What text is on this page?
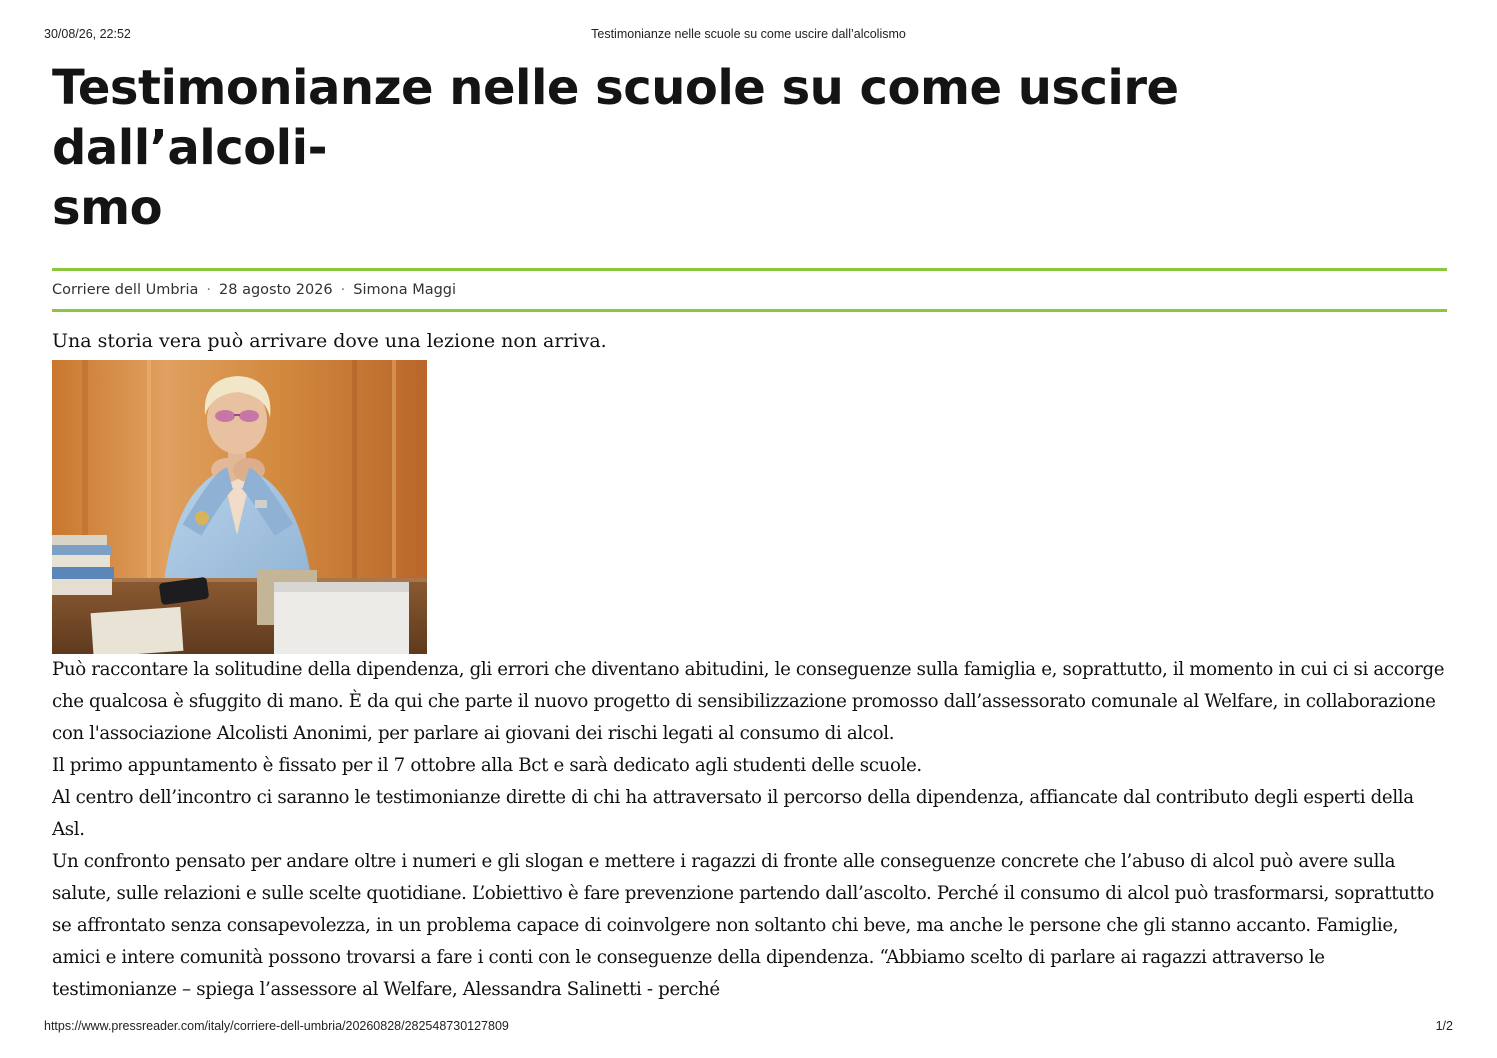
30/08/26, 22:52	Testimonianze nelle scuole su come uscire dall’alcolismo
Testimonianze nelle scuole su come uscire dall’alcoli-
smo
Corriere dell Umbria · 28 agosto 2026 · Simona Maggi

Una storia vera può arrivare dove una lezione non arriva.

Può raccontare la solitudine della dipendenza, gli errori che diventano abitudini, le conseguenze sulla famiglia e, soprattutto, il momento in cui ci si accorge che qualcosa è sfuggito di mano. È da qui che parte il nuovo progetto di sensibilizzazione promosso dall’assessorato comunale al Welfare, in collaborazione con l'associazione Alcolisti Anonimi, per parlare ai giovani dei rischi legati al consumo di alcol.

Il primo appuntamento è fissato per il 7 ottobre alla Bct e sarà dedicato agli studenti delle scuole.

Al centro dell’incontro ci saranno le testimonianze dirette di chi ha attraversato il percorso della dipendenza, affiancate dal contributo degli esperti della Asl.

Un confronto pensato per andare oltre i numeri e gli slogan e mettere i ragazzi di fronte alle conseguenze concrete che l’abuso di alcol può avere sulla salute, sulle relazioni e sulle scelte quotidiane. L’obiettivo è fare prevenzione partendo dall’ascolto. Perché il consumo di alcol può trasformarsi, soprattutto se affrontato senza consapevolezza, in un problema capace di coinvolgere non soltanto chi beve, ma anche le persone che gli stanno accanto. Famiglie, amici e intere comunità possono trovarsi a fare i conti con le conseguenze della dipendenza. “Abbiamo scelto di parlare ai ragazzi attraverso le testimonianze – spiega l’assessore al Welfare, Alessandra Salinetti - perché

https://www.pressreader.com/italy/corriere-dell-umbria/20260828/282548730127809	1/2
